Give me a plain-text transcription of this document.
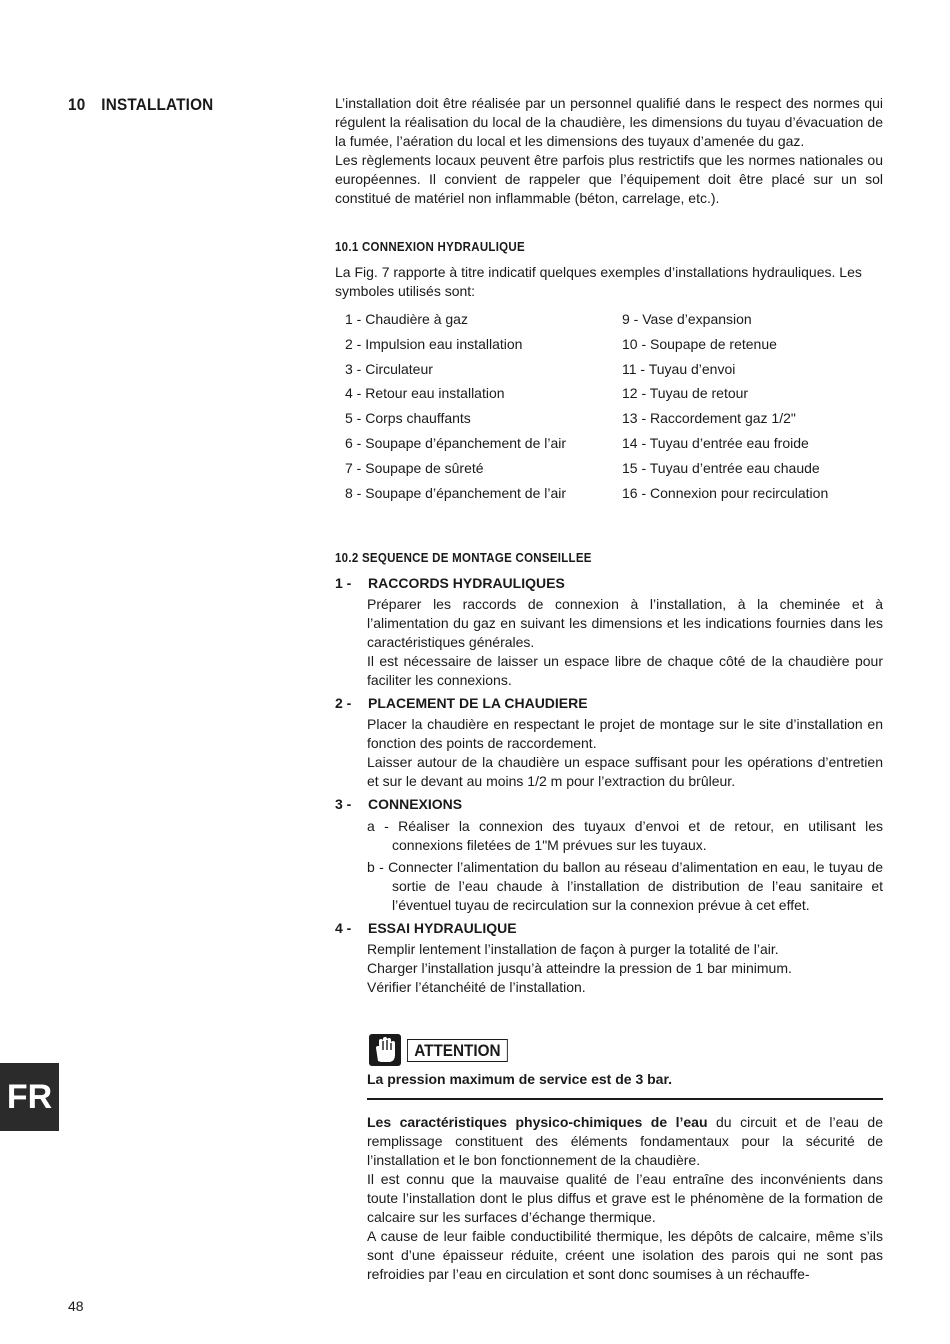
10 INSTALLATION	L’installation doit être réalisée par un personnel qualifié dans le respect des normes qui régulent la réalisation du local de la chaudière, les dimensions du tuyau d’évacuation de la fumée, l’aération du local et les dimensions des tuyaux d’amenée du gaz.

Les règlements locaux peuvent être parfois plus restrictifs que les normes nationales ou européennes. Il convient de rappeler que l’équipement doit être placé sur un sol constitué de matériel non inflammable (béton, carrelage, etc.).

10.1 CONNEXION HYDRAULIQUE

La Fig. 7 rapporte à titre indicatif quelques exemples d’installations hydrauliques. Les symboles utilisés sont:

1 - Chaudière à gaz	9 - Vase d’expansion
2 - Impulsion eau installation	10 - Soupape de retenue
3 - Circulateur	11 - Tuyau d’envoi
4 - Retour eau installation	12 - Tuyau de retour
5 - Corps chauffants	13 - Raccordement gaz 1/2"
6 - Soupape d’épanchement de l’air	14 - Tuyau d’entrée eau froide
7 - Soupape de sûreté	15 - Tuyau d’entrée eau chaude
8 - Soupape d’épanchement de l’air	16 - Connexion pour recirculation
10.2 SEQUENCE DE MONTAGE CONSEILLEE
1 - RACCORDS HYDRAULIQUES

Préparer les raccords de connexion à l’installation, à la cheminée et à l’alimentation du gaz en suivant les dimensions et les indications fournies dans les caractéristiques générales.

Il est nécessaire de laisser un espace libre de chaque côté de la chaudière pour faciliter les connexions.

2 - PLACEMENT DE LA CHAUDIERE

Placer la chaudière en respectant le projet de montage sur le site d’installation en fonction des points de raccordement.

Laisser autour de la chaudière un espace suffisant pour les opérations d’entretien et sur le devant au moins 1/2 m pour l’extraction du brûleur.

3 - CONNEXIONS
a - Réaliser la connexion des tuyaux d’envoi et de retour, en utilisant les connexions filetées de 1"M prévues sur les tuyaux.
b - Connecter l’alimentation du ballon au réseau d’alimentation en eau, le tuyau de sortie de l’eau chaude à l’installation de distribution de l’eau sanitaire et l’éventuel tuyau de recirculation sur la connexion prévue à cet effet.
4 - ESSAI HYDRAULIQUE

Remplir lentement l’installation de façon à purger la totalité de l’air.

Charger l’installation jusqu’à atteindre la pression de 1 bar minimum.

Vérifier l’étanchéité de l’installation.

ATTENTION
La pression maximum de service est de 3 bar.

Les caractéristiques physico-chimiques de l’eau du circuit et de l’eau de remplissage constituent des éléments fondamentaux pour la sécurité de l’installation et le bon fonctionnement de la chaudière.

Il est connu que la mauvaise qualité de l’eau entraîne des inconvénients dans toute l’installation dont le plus diffus et grave est le phénomène de la formation de calcaire sur les surfaces d’échange thermique.

A cause de leur faible conductibilité thermique, les dépôts de calcaire, même s’ils sont d’une épaisseur réduite, créent une isolation des parois qui ne sont pas refroidies par l’eau en circulation et sont donc soumises à un réchauffe-

FR
48
